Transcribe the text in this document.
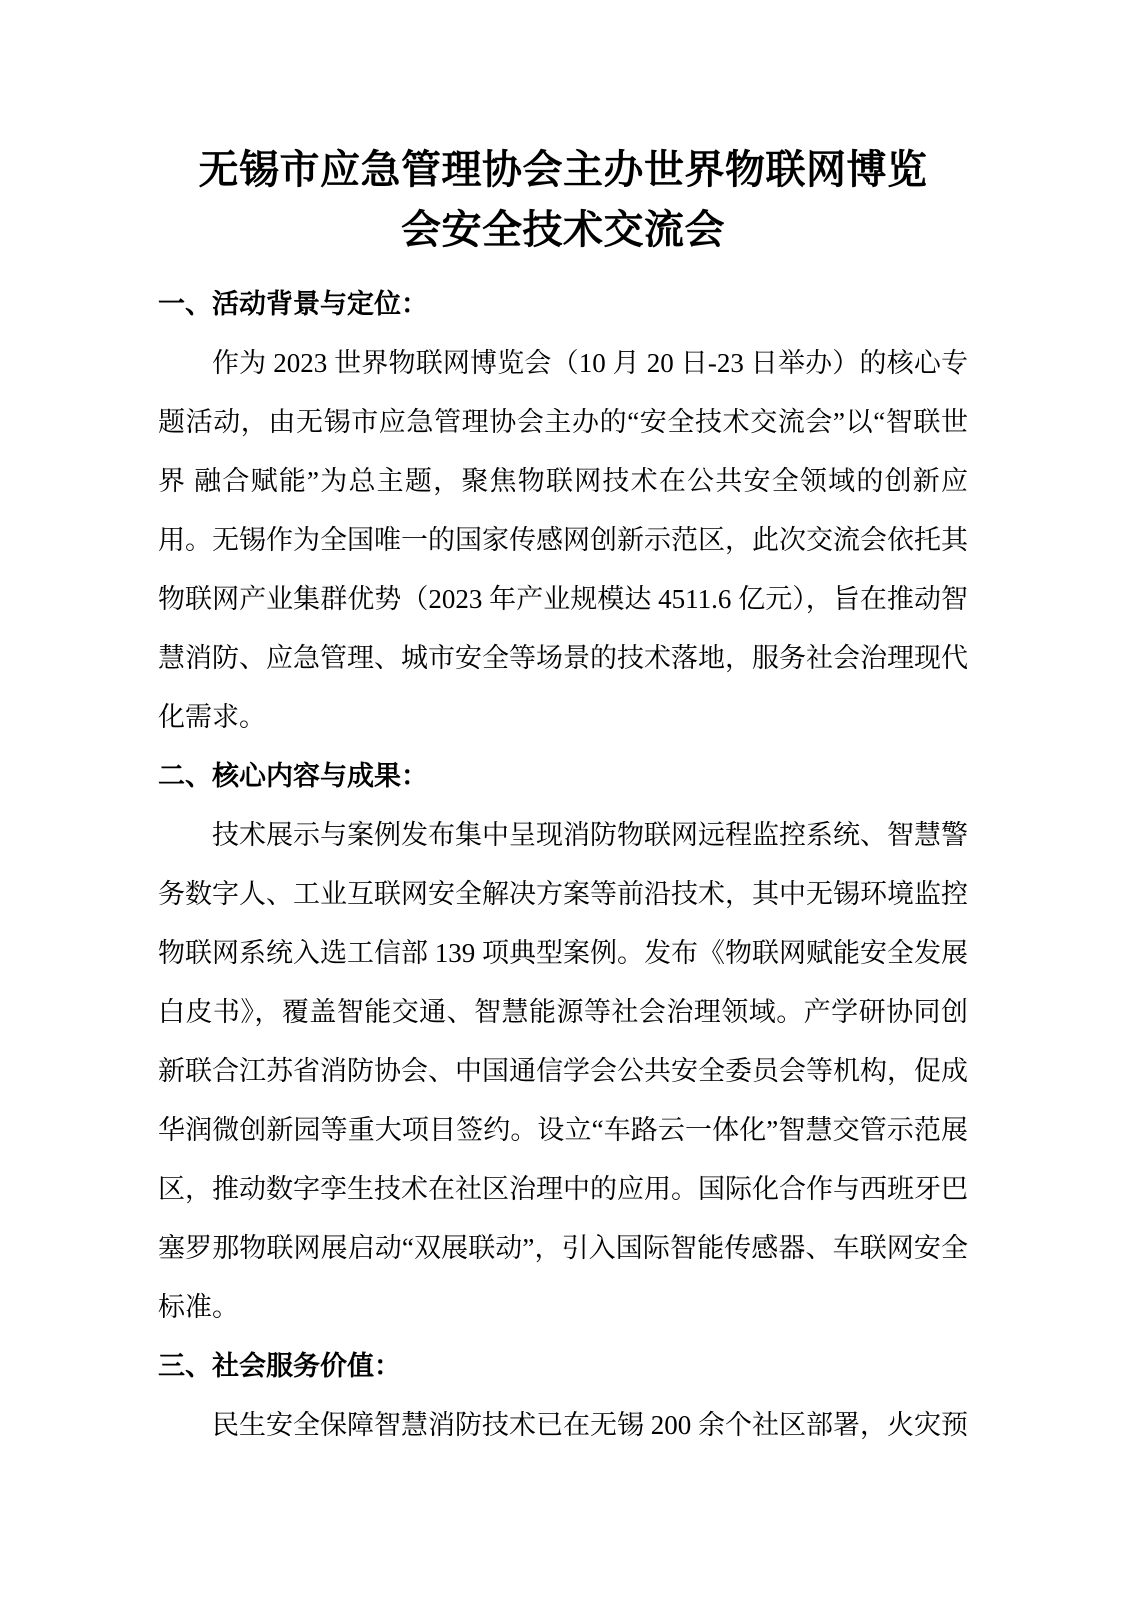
无锡市应急管理协会主办世界物联网博览
会安全技术交流会
一、活动背景与定位：

作为 2023 世界物联网博览会（10 月 20 日-23 日举办）的核心专题活动，由无锡市应急管理协会主办的“安全技术交流会”以“智联世界 融合赋能”为总主题，聚焦物联网技术在公共安全领域的创新应用。无锡作为全国唯一的国家传感网创新示范区，此次交流会依托其物联网产业集群优势（2023 年产业规模达 4511.6 亿元），旨在推动智慧消防、应急管理、城市安全等场景的技术落地，服务社会治理现代化需求。

二、核心内容与成果：

技术展示与案例发布集中呈现消防物联网远程监控系统、智慧警务数字人、工业互联网安全解决方案等前沿技术，其中无锡环境监控物联网系统入选工信部 139 项典型案例。发布《物联网赋能安全发展白皮书》，覆盖智能交通、智慧能源等社会治理领域。产学研协同创新联合江苏省消防协会、中国通信学会公共安全委员会等机构，促成华润微创新园等重大项目签约。设立“车路云一体化”智慧交管示范展区，推动数字孪生技术在社区治理中的应用。国际化合作与西班牙巴塞罗那物联网展启动“双展联动”，引入国际智能传感器、车联网安全标准。

三、社会服务价值：

民生安全保障智慧消防技术已在无锡 200 余个社区部署，火灾预
